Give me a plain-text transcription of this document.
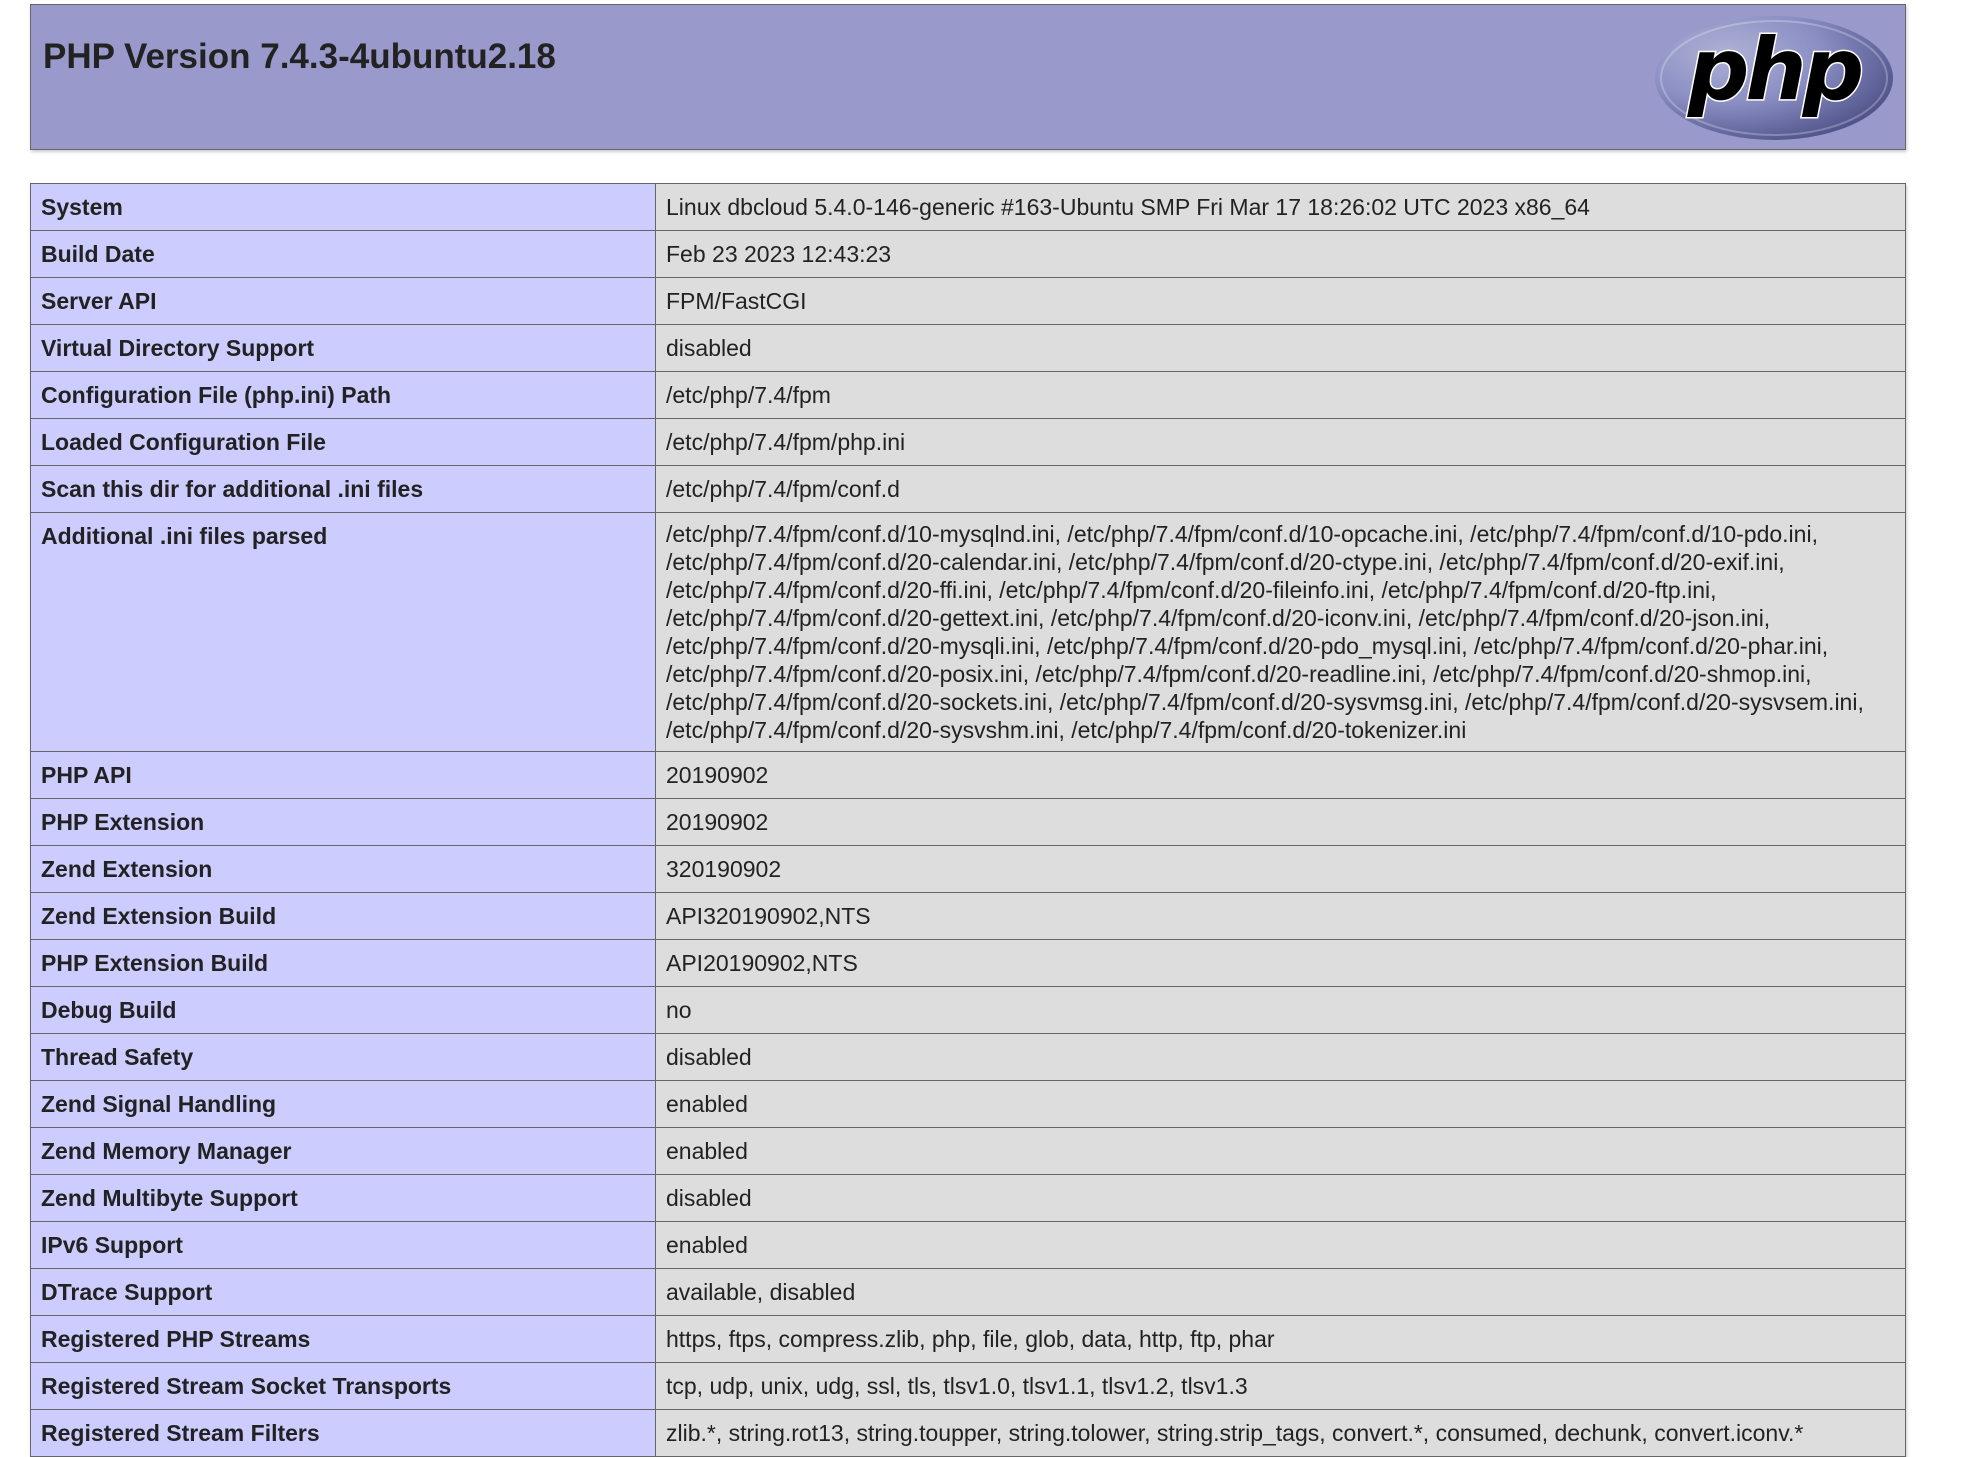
PHP Version 7.4.3-4ubuntu2.18	php
System	Linux dbcloud 5.4.0-146-generic #163-Ubuntu SMP Fri Mar 17 18:26:02 UTC 2023 x86_64
Build Date	Feb 23 2023 12:43:23
Server API	FPM/FastCGI
Virtual Directory Support	disabled
Configuration File (php.ini) Path	/etc/php/7.4/fpm
Loaded Configuration File	/etc/php/7.4/fpm/php.ini
Scan this dir for additional .ini files	/etc/php/7.4/fpm/conf.d
Additional .ini files parsed	/etc/php/7.4/fpm/conf.d/10-mysqlnd.ini, /etc/php/7.4/fpm/conf.d/10-opcache.ini, /etc/php/7.4/fpm/conf.d/10-pdo.ini, /etc/php/7.4/fpm/conf.d/20-calendar.ini, /etc/php/7.4/fpm/conf.d/20-ctype.ini, /etc/php/7.4/fpm/conf.d/20-exif.ini, /etc/php/7.4/fpm/conf.d/20-ffi.ini, /etc/php/7.4/fpm/conf.d/20-fileinfo.ini, /etc/php/7.4/fpm/conf.d/20-ftp.ini, /etc/php/7.4/fpm/conf.d/20-gettext.ini, /etc/php/7.4/fpm/conf.d/20-iconv.ini, /etc/php/7.4/fpm/conf.d/20-json.ini, /etc/php/7.4/fpm/conf.d/20-mysqli.ini, /etc/php/7.4/fpm/conf.d/20-pdo_mysql.ini, /etc/php/7.4/fpm/conf.d/20-phar.ini, /etc/php/7.4/fpm/conf.d/20-posix.ini, /etc/php/7.4/fpm/conf.d/20-readline.ini, /etc/php/7.4/fpm/conf.d/20-shmop.ini, /etc/php/7.4/fpm/conf.d/20-sockets.ini, /etc/php/7.4/fpm/conf.d/20-sysvmsg.ini, /etc/php/7.4/fpm/conf.d/20-sysvsem.ini, /etc/php/7.4/fpm/conf.d/20-sysvshm.ini, /etc/php/7.4/fpm/conf.d/20-tokenizer.ini
PHP API	20190902
PHP Extension	20190902
Zend Extension	320190902
Zend Extension Build	API320190902,NTS
PHP Extension Build	API20190902,NTS
Debug Build	no
Thread Safety	disabled
Zend Signal Handling	enabled
Zend Memory Manager	enabled
Zend Multibyte Support	disabled
IPv6 Support	enabled
DTrace Support	available, disabled
Registered PHP Streams	https, ftps, compress.zlib, php, file, glob, data, http, ftp, phar
Registered Stream Socket Transports	tcp, udp, unix, udg, ssl, tls, tlsv1.0, tlsv1.1, tlsv1.2, tlsv1.3
Registered Stream Filters	zlib.*, string.rot13, string.toupper, string.tolower, string.strip_tags, convert.*, consumed, dechunk, convert.iconv.*
